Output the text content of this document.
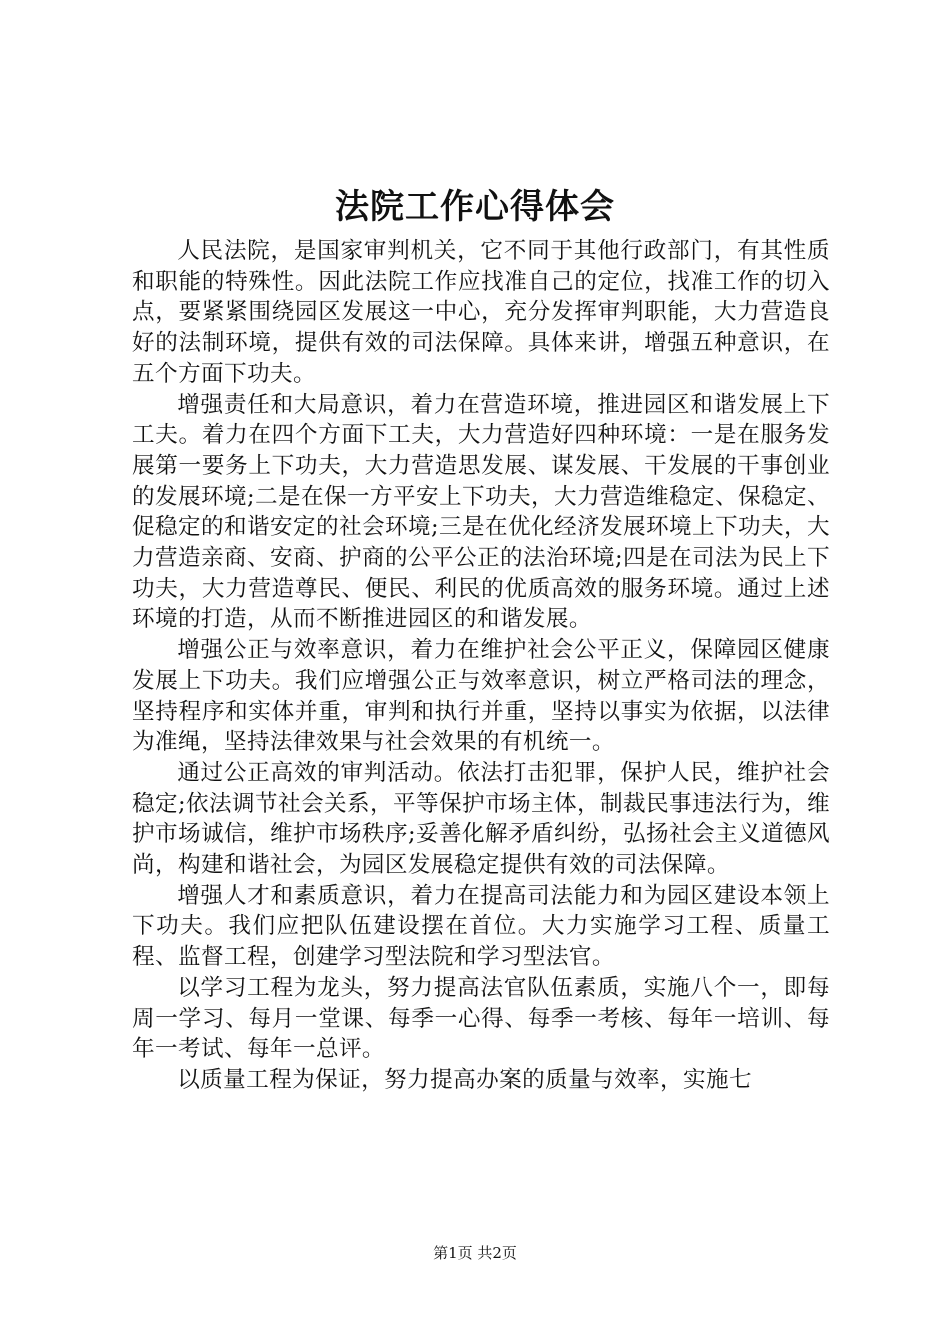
法院工作心得体会

人民法院，是国家审判机关，它不同于其他行政部门，有其性质和职能的特殊性。因此法院工作应找准自己的定位，找准工作的切入点，要紧紧围绕园区发展这一中心，充分发挥审判职能，大力营造良好的法制环境，提供有效的司法保障。具体来讲，增强五种意识，在五个方面下功夫。

增强责任和大局意识，着力在营造环境，推进园区和谐发展上下工夫。着力在四个方面下工夫，大力营造好四种环境：一是在服务发展第一要务上下功夫，大力营造思发展、谋发展、干发展的干事创业的发展环境;二是在保一方平安上下功夫，大力营造维稳定、保稳定、促稳定的和谐安定的社会环境;三是在优化经济发展环境上下功夫，大力营造亲商、安商、护商的公平公正的法治环境;四是在司法为民上下功夫，大力营造尊民、便民、利民的优质高效的服务环境。通过上述环境的打造，从而不断推进园区的和谐发展。

增强公正与效率意识，着力在维护社会公平正义，保障园区健康发展上下功夫。我们应增强公正与效率意识，树立严格司法的理念，坚持程序和实体并重，审判和执行并重，坚持以事实为依据，以法律为准绳，坚持法律效果与社会效果的有机统一。

通过公正高效的审判活动。依法打击犯罪，保护人民，维护社会稳定;依法调节社会关系，平等保护市场主体，制裁民事违法行为，维护市场诚信，维护市场秩序;妥善化解矛盾纠纷，弘扬社会主义道德风尚，构建和谐社会，为园区发展稳定提供有效的司法保障。

增强人才和素质意识，着力在提高司法能力和为园区建设本领上下功夫。我们应把队伍建设摆在首位。大力实施学习工程、质量工程、监督工程，创建学习型法院和学习型法官。

以学习工程为龙头，努力提高法官队伍素质，实施八个一，即每周一学习、每月一堂课、每季一心得、每季一考核、每年一培训、每年一考试、每年一总评。

以质量工程为保证，努力提高办案的质量与效率，实施七

第1页 共2页
